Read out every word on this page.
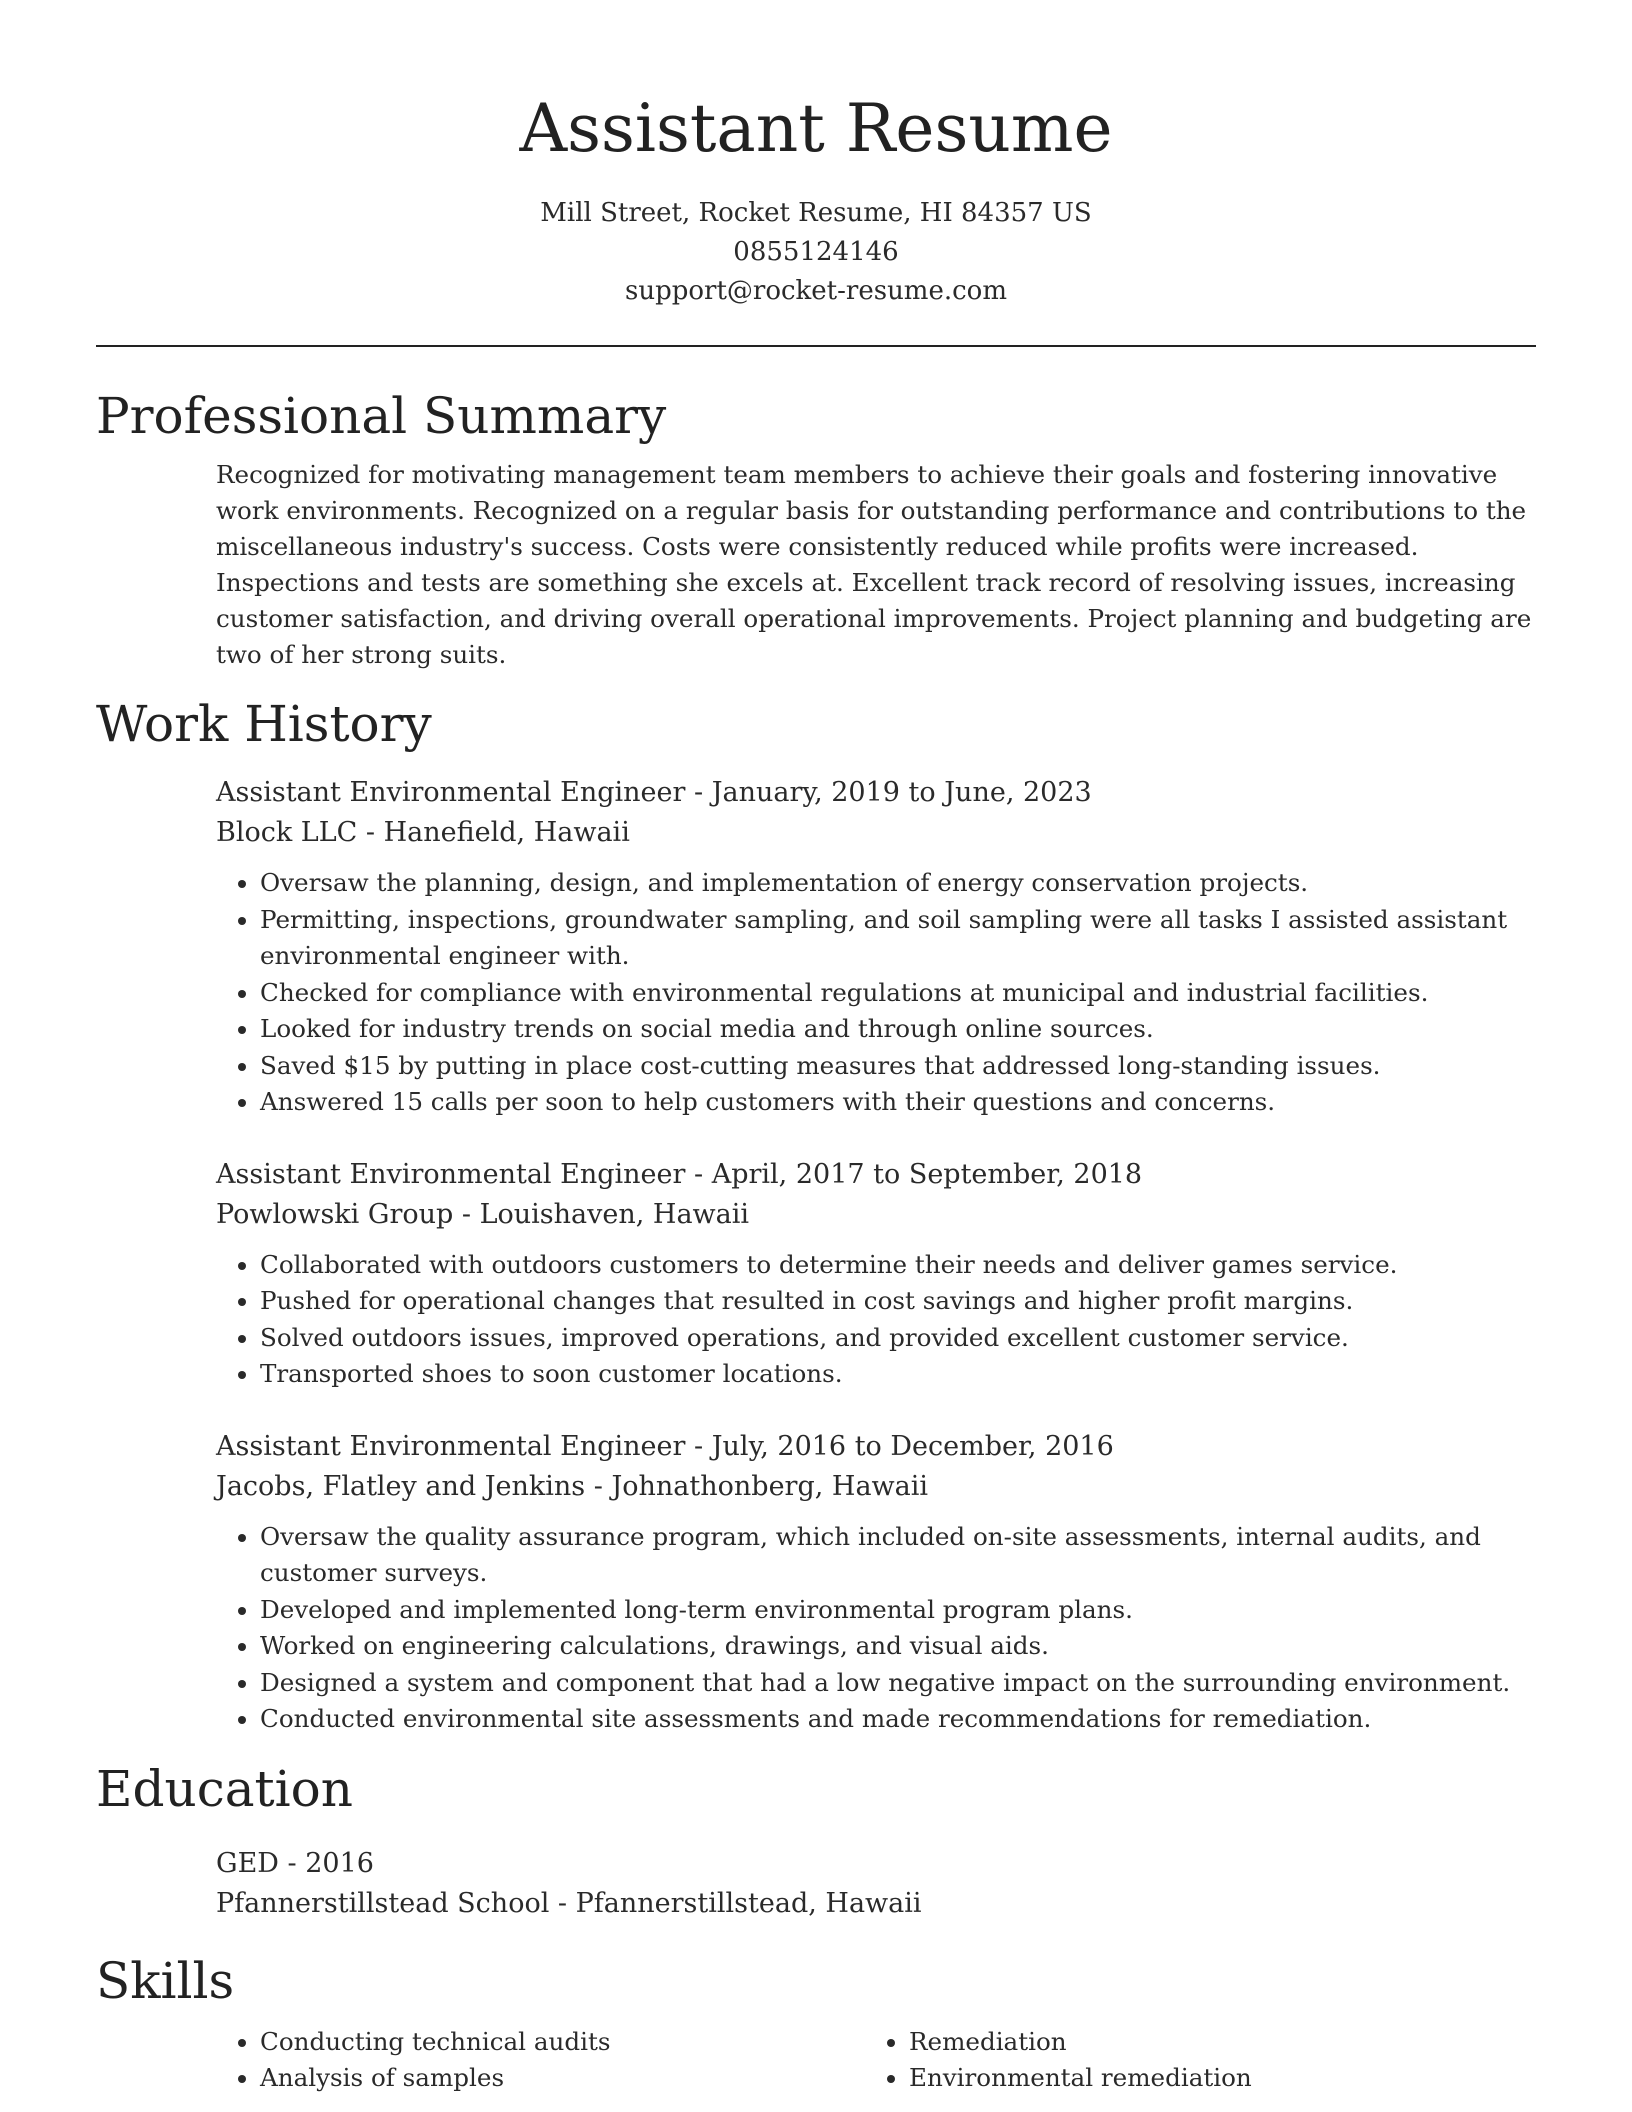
Assistant Resume
Mill Street, Rocket Resume, HI 84357 US
0855124146
support@rocket-resume.com
Professional Summary
Recognized for motivating management team members to achieve their goals and fostering innovative work environments. Recognized on a regular basis for outstanding performance and contributions to the miscellaneous industry's success. Costs were consistently reduced while profits were increased. Inspections and tests are something she excels at. Excellent track record of resolving issues, increasing customer satisfaction, and driving overall operational improvements. Project planning and budgeting are two of her strong suits.
Work History
Assistant Environmental Engineer - January, 2019 to June, 2023
Block LLC - Hanefield, Hawaii
• Oversaw the planning, design, and implementation of energy conservation projects.
• Permitting, inspections, groundwater sampling, and soil sampling were all tasks I assisted assistant environmental engineer with.
• Checked for compliance with environmental regulations at municipal and industrial facilities.
• Looked for industry trends on social media and through online sources.
• Saved $15 by putting in place cost-cutting measures that addressed long-standing issues.
• Answered 15 calls per soon to help customers with their questions and concerns.
Assistant Environmental Engineer - April, 2017 to September, 2018
Powlowski Group - Louishaven, Hawaii
• Collaborated with outdoors customers to determine their needs and deliver games service.
• Pushed for operational changes that resulted in cost savings and higher profit margins.
• Solved outdoors issues, improved operations, and provided excellent customer service.
• Transported shoes to soon customer locations.
Assistant Environmental Engineer - July, 2016 to December, 2016
Jacobs, Flatley and Jenkins - Johnathonberg, Hawaii
• Oversaw the quality assurance program, which included on-site assessments, internal audits, and customer surveys.
• Developed and implemented long-term environmental program plans.
• Worked on engineering calculations, drawings, and visual aids.
• Designed a system and component that had a low negative impact on the surrounding environment.
• Conducted environmental site assessments and made recommendations for remediation.
Education
GED - 2016
Pfannerstillstead School - Pfannerstillstead, Hawaii
Skills
• Conducting technical audits
• Analysis of samples
• Remediation
• Environmental remediation
